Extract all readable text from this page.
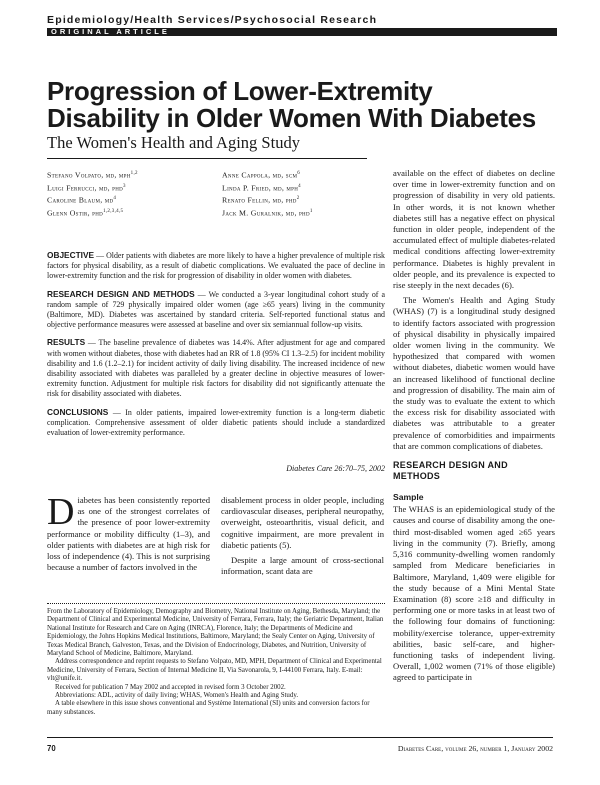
Epidemiology/Health Services/Psychosocial Research
ORIGINAL ARTICLE
Progression of Lower-Extremity
Disability in Older Women With Diabetes
The Women's Health and Aging Study
Stefano Volpato, md, mph$^{1,2}$
Luigi Ferrucci, md, phd$^3$
Caroline Blaum, $md^4$
Glenn Ostir, phd$^{1,2,3,4,5}$
Anne Cappola, md, scm$^6$
Linda P. Fried, md, mph$^4$
Renato Fellin, md, phd$^2$
Jack M. Guralnik, md, phd$^1$

OBJECTIVE — Older patients with diabetes are more likely to have a higher prevalence of multiple risk factors for physical disability, as a result of diabetic complications. We evaluated the pace of decline in lower-extremity function and the risk for progression of disability in older women with diabetes.

RESEARCH DESIGN AND METHODS — We conducted a 3-year longitudinal cohort study of a random sample of 729 physically impaired older women (age ≥65 years) living in the community (Baltimore, MD). Diabetes was ascertained by standard criteria. Self-reported functional status and objective performance measures were assessed at baseline and over six semiannual follow-up visits.

RESULTS — The baseline prevalence of diabetes was 14.4%. After adjustment for age and compared with women without diabetes, those with diabetes had an RR of 1.8 (95% CI 1.3–2.5) for incident mobility disability and 1.6 (1.2–2.1) for incident activity of daily living disability. The increased incidence of new disability associated with diabetes was paralleled by a greater decline in objective measures of lower-extremity function. Adjustment for multiple risk factors for disability did not significantly attenuate the risk for disability associated with diabetes.

CONCLUSIONS — In older patients, impaired lower-extremity function is a long-term diabetic complication. Comprehensive assessment of older diabetic patients should include a standardized evaluation of lower-extremity performance.

Diabetes Care 26:70–75, 2002
Diabetes has been consistently reported as one of the strongest correlates of the presence of poor lower-extremity performance or mobility difficulty (1–3), and older patients with diabetes are at high risk for loss of independence (4). This is not surprising because a number of factors involved in the

disablement process in older people, including cardiovascular diseases, peripheral neuropathy, overweight, osteoarthritis, visual deficit, and cognitive impairment, are more prevalent in diabetic patients (5).

Despite a large amount of cross-sectional information, scant data are

From the Laboratory of Epidemiology, Demography and Biometry, National Institute on Aging, Bethesda, Maryland; the Department of Clinical and Experimental Medicine, University of Ferrara, Ferrara, Italy; the Geriatric Department, Italian National Institute for Research and Care on Aging (INRCA), Florence, Italy; the Departments of Medicine and Epidemiology, the Johns Hopkins Medical Institutions, Baltimore, Maryland; the Sealy Center on Aging, University of Texas Medical Branch, Galveston, Texas, and the Division of Endocrinology, Diabetes, and Nutrition, University of Maryland School of Medicine, Baltimore, Maryland.

Address correspondence and reprint requests to Stefano Volpato, MD, MPH, Department of Clinical and Experimental Medicine, University of Ferrara, Section of Internal Medicine II, Via Savonarola, 9, I-44100 Ferrara, Italy. E-mail: vlt@unife.it.

Received for publication 7 May 2002 and accepted in revised form 3 October 2002.

Abbreviations: ADL, activity of daily living; WHAS, Women's Health and Aging Study.

A table elsewhere in this issue shows conventional and Système International (SI) units and conversion factors for many substances.

available on the effect of diabetes on decline over time in lower-extremity function and on progression of disability in very old patients. In other words, it is not known whether diabetes still has a negative effect on physical function in older people, independent of the accumulated effect of multiple diabetes-related medical conditions affecting lower-extremity performance. Diabetes is highly prevalent in older people, and its prevalence is expected to rise steeply in the next decades (6).

The Women's Health and Aging Study (WHAS) (7) is a longitudinal study designed to identify factors associated with progression of physical disability in physically impaired older women living in the community. We hypothesized that compared with women without diabetes, diabetic women would have an increased likelihood of functional decline and progression of disability. The main aim of the study was to evaluate the extent to which the excess risk for disability associated with diabetes was attributable to a greater prevalence of comorbidities and impairments that are common complications of diabetes.

RESEARCH DESIGN AND
METHODS
Sample

The WHAS is an epidemiological study of the causes and course of disability among the one-third most-disabled women aged ≥65 years living in the community (7). Briefly, among 5,316 community-dwelling women randomly sampled from Medicare beneficiaries in Baltimore, Maryland, 1,409 were eligible for the study because of a Mini Mental State Examination (8) score ≥18 and difficulty in performing one or more tasks in at least two of the following four domains of functioning: mobility/exercise tolerance, upper-extremity abilities, basic self-care, and higher-functioning tasks of independent living. Overall, 1,002 women (71% of those eligible) agreed to participate in

70	Diabetes Care, volume 26, number 1, January 2002
